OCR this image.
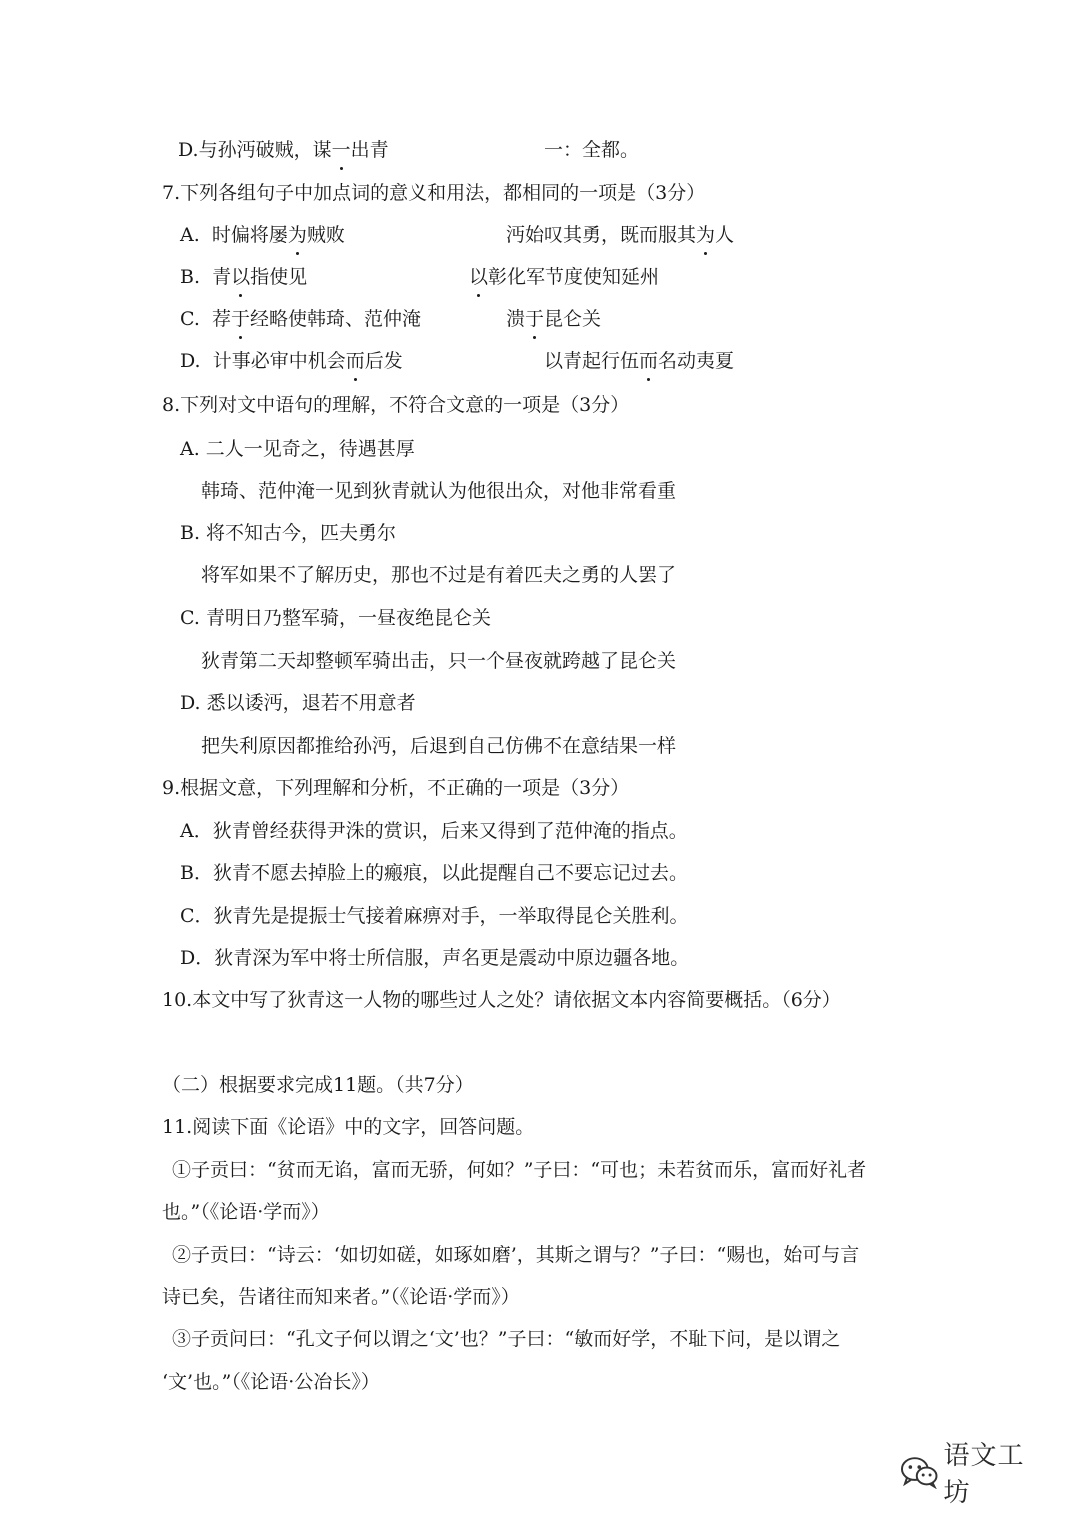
D.与孙沔破贼，谋一出青	一：全都。
7.下列各组句子中加点词的意义和用法，都相同的一项是（3分）
A. 时偏将屡为贼败	沔始叹其勇，既而服其为人
B. 青以指使见	以彰化军节度使知延州
C. 荐于经略使韩琦、范仲淹	溃于昆仑关
D. 计事必审中机会而后发	以青起行伍而名动夷夏
8.下列对文中语句的理解，不符合文意的一项是（3分）
A. 二人一见奇之，待遇甚厚
韩琦、范仲淹一见到狄青就认为他很出众，对他非常看重
B. 将不知古今，匹夫勇尔
将军如果不了解历史，那也不过是有着匹夫之勇的人罢了
C. 青明日乃整军骑，一昼夜绝昆仑关
狄青第二天却整顿军骑出击，只一个昼夜就跨越了昆仑关
D. 悉以诿沔，退若不用意者
把失利原因都推给孙沔，后退到自己仿佛不在意结果一样
9.根据文意，下列理解和分析，不正确的一项是（3分）
A．狄青曾经获得尹洙的赏识，后来又得到了范仲淹的指点。
B．狄青不愿去掉脸上的瘢痕，以此提醒自己不要忘记过去。
C．狄青先是提振士气接着麻痹对手，一举取得昆仑关胜利。
D．狄青深为军中将士所信服，声名更是震动中原边疆各地。
10.本文中写了狄青这一人物的哪些过人之处？请依据文本内容简要概括。（6分）
（二）根据要求完成11题。（共7分）
11.阅读下面《论语》中的文字，回答问题。
①子贡曰：“贫而无谄，富而无骄，何如？”子曰：“可也；未若贫而乐，富而好礼者
也。”（《论语·学而》）
②子贡曰：“诗云：‘如切如磋，如琢如磨’，其斯之谓与？”子曰：“赐也，始可与言
诗已矣，告诸往而知来者。”（《论语·学而》）
③子贡问曰：“孔文子何以谓之‘文’也？”子曰：“敏而好学，不耻下问，是以谓之
‘文’也。”（《论语·公冶长》）
语文工坊
